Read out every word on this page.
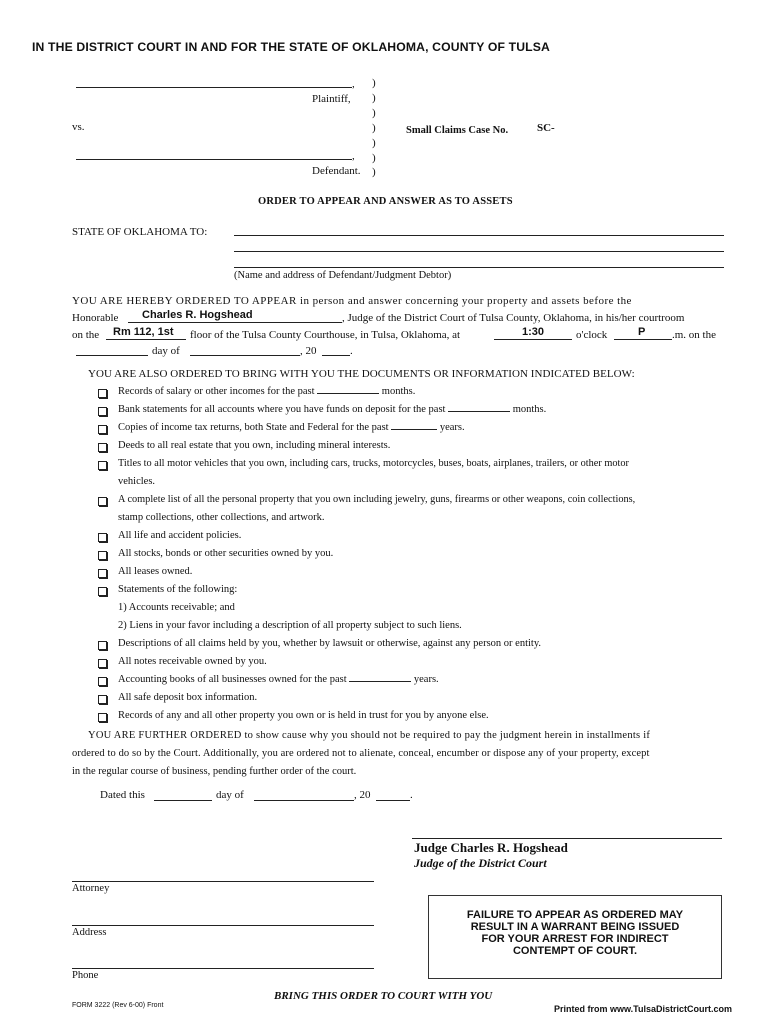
IN THE DISTRICT COURT IN AND FOR THE STATE OF OKLAHOMA, COUNTY OF TULSA
,
Plaintiff,
vs.	Small Claims Case No.	SC-
,
Defendant.
)
)
)
)
)
)
)
ORDER TO APPEAR AND ANSWER AS TO ASSETS
STATE OF OKLAHOMA TO:
(Name and address of Defendant/Judgment Debtor)
YOU ARE HEREBY ORDERED TO APPEAR in person and answer concerning your property and assets before the
Honorable Charles R. Hogshead	, Judge of the District Court of Tulsa County, Oklahoma, in his/her courtroom
on the Rm 112, 1st floor of the Tulsa County Courthouse, in Tulsa, Oklahoma, at	1:30	o'clock	P .m. on the
day of	, 20	.
YOU ARE ALSO ORDERED TO BRING WITH YOU THE DOCUMENTS OR INFORMATION INDICATED BELOW:
Records of salary or other incomes for the past	months.
Bank statements for all accounts where you have funds on deposit for the past	months.
Copies of income tax returns, both State and Federal for the past	years.
Deeds to all real estate that you own, including mineral interests.
Titles to all motor vehicles that you own, including cars, trucks, motorcycles, buses, boats, airplanes, trailers, or other motor
vehicles.
A complete list of all the personal property that you own including jewelry, guns, firearms or other weapons, coin collections,
stamp collections, other collections, and artwork.
All life and accident policies.
All stocks, bonds or other securities owned by you.
All leases owned.
Statements of the following:
1) Accounts receivable; and
2) Liens in your favor including a description of all property subject to such liens.
Descriptions of all claims held by you, whether by lawsuit or otherwise, against any person or entity.
All notes receivable owned by you.
Accounting books of all businesses owned for the past	years.
All safe deposit box information.
Records of any and all other property you own or is held in trust for you by anyone else.
YOU ARE FURTHER ORDERED to show cause why you should not be required to pay the judgment herein in installments if
ordered to do so by the Court. Additionally, you are ordered not to alienate, conceal, encumber or dispose any of your property, except
in the regular course of business, pending further order of the court.
Dated this	day of	, 20	.
Judge Charles R. Hogshead
Judge of the District Court
Attorney
Address
Phone
FAILURE TO APPEAR AS ORDERED MAY
RESULT IN A WARRANT BEING ISSUED
FOR YOUR ARREST FOR INDIRECT
CONTEMPT OF COURT.
FORM 3222 (Rev 6-00) Front
BRING THIS ORDER TO COURT WITH YOU
Printed from www.TulsaDistrictCourt.com
